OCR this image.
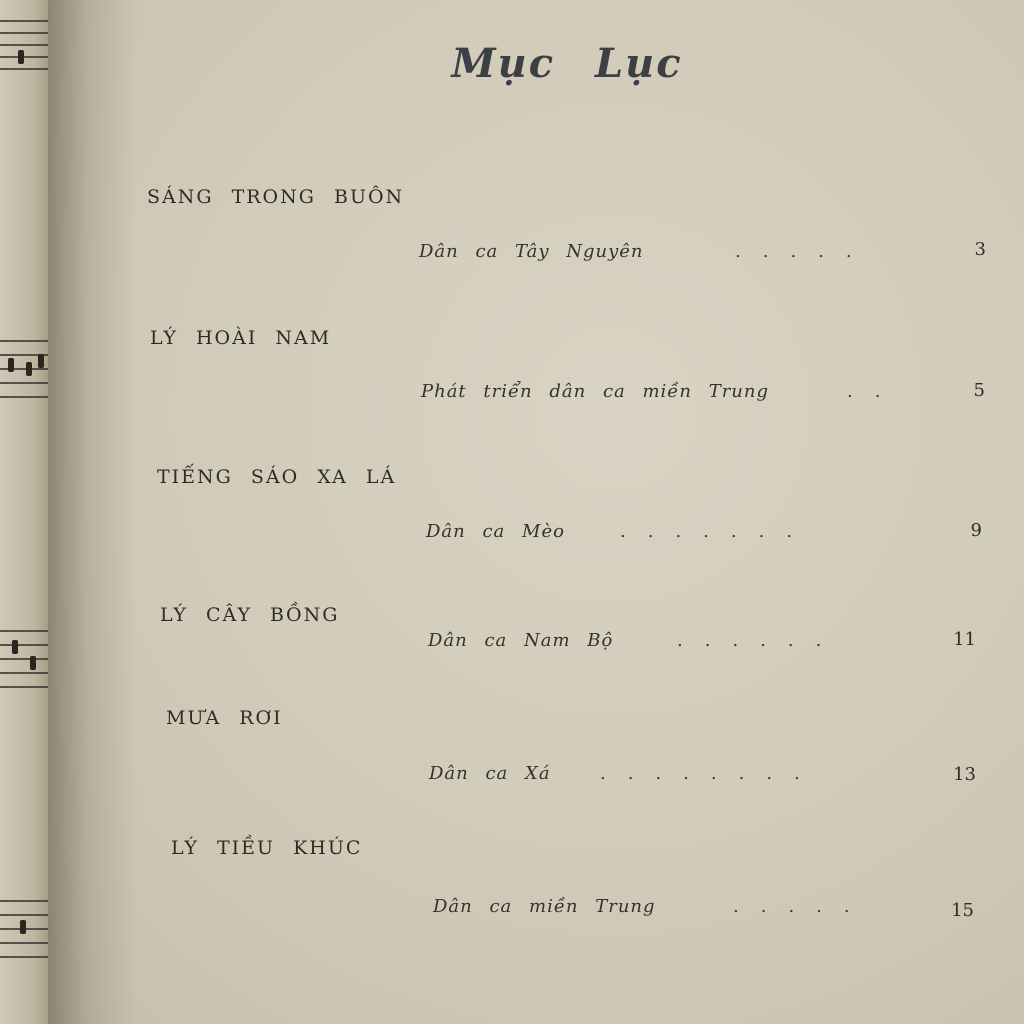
Mục Lục
SÁNG TRONG BUÔN
Dân ca Tây Nguyên	.....	3
LÝ HOÀI NAM
Phát triển dân ca miền Trung	..	5
TIẾNG SÁO XA LÁ
Dân ca Mèo	.......	9
LÝ CÂY BỒNG
Dân ca Nam Bộ	......	11
MƯA RƠI
Dân ca Xá	........	13
LÝ TIỀU KHÚC
Dân ca miền Trung	.....	15
